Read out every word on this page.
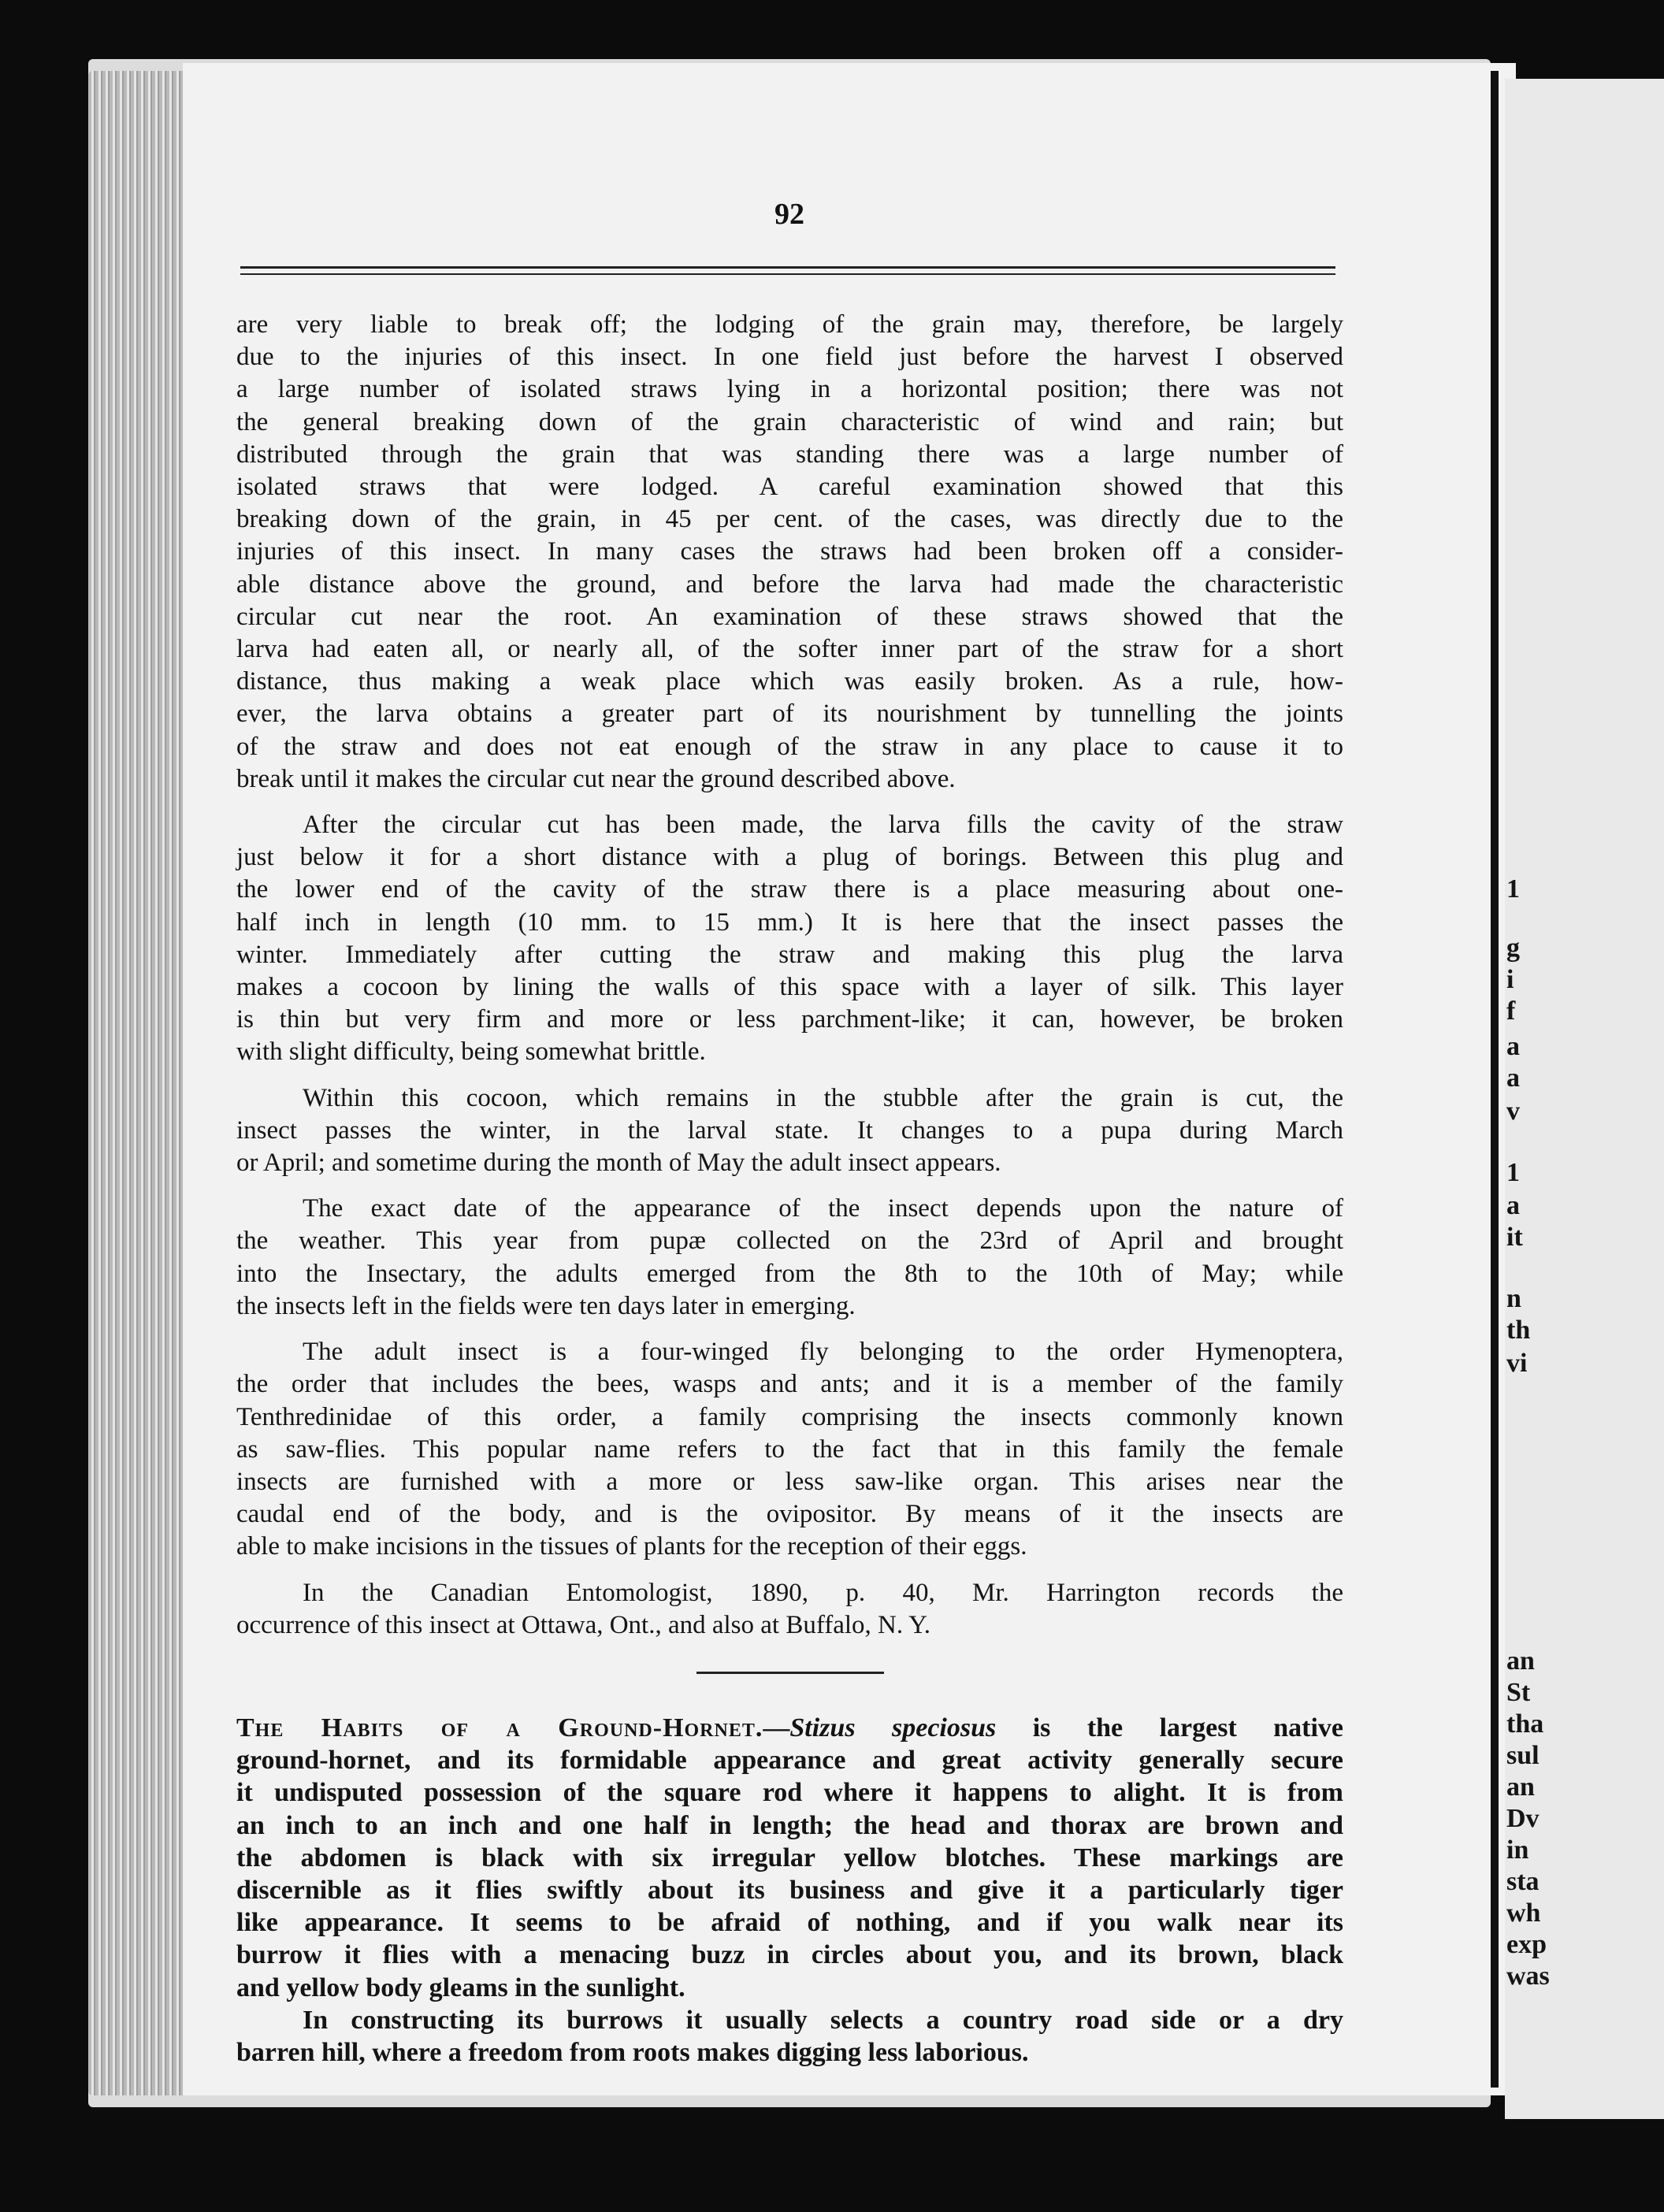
1
g
i
f
a
a
v
1
a
it
n
th
vi
an
St
tha
sul
an
Dv
in
sta
wh
exp
was
92
are very liable to break off; the lodging of the grain may, therefore, be largely
due to the injuries of this insect. In one field just before the harvest I observed
a large number of isolated straws lying in a horizontal position; there was not
the general breaking down of the grain characteristic of wind and rain; but
distributed through the grain that was standing there was a large number of
isolated straws that were lodged. A careful examination showed that this
breaking down of the grain, in 45 per cent. of the cases, was directly due to the
injuries of this insect. In many cases the straws had been broken off a consider-
able distance above the ground, and before the larva had made the characteristic
circular cut near the root. An examination of these straws showed that the
larva had eaten all, or nearly all, of the softer inner part of the straw for a short
distance, thus making a weak place which was easily broken. As a rule, how-
ever, the larva obtains a greater part of its nourishment by tunnelling the joints
of the straw and does not eat enough of the straw in any place to cause it to
break until it makes the circular cut near the ground described above.
After the circular cut has been made, the larva fills the cavity of the straw
just below it for a short distance with a plug of borings. Between this plug and
the lower end of the cavity of the straw there is a place measuring about one-
half inch in length (10 mm. to 15 mm.) It is here that the insect passes the
winter. Immediately after cutting the straw and making this plug the larva
makes a cocoon by lining the walls of this space with a layer of silk. This layer
is thin but very firm and more or less parchment-like; it can, however, be broken
with slight difficulty, being somewhat brittle.
Within this cocoon, which remains in the stubble after the grain is cut, the
insect passes the winter, in the larval state. It changes to a pupa during March
or April; and sometime during the month of May the adult insect appears.
The exact date of the appearance of the insect depends upon the nature of
the weather. This year from pupæ collected on the 23rd of April and brought
into the Insectary, the adults emerged from the 8th to the 10th of May; while
the insects left in the fields were ten days later in emerging.
The adult insect is a four-winged fly belonging to the order Hymenoptera,
the order that includes the bees, wasps and ants; and it is a member of the family
Tenthredinidae of this order, a family comprising the insects commonly known
as saw-flies. This popular name refers to the fact that in this family the female
insects are furnished with a more or less saw-like organ. This arises near the
caudal end of the body, and is the ovipositor. By means of it the insects are
able to make incisions in the tissues of plants for the reception of their eggs.
In the Canadian Entomologist, 1890, p. 40, Mr. Harrington records the
occurrence of this insect at Ottawa, Ont., and also at Buffalo, N. Y.
The Habits of a Ground-Hornet.—Stizus speciosus is the largest native
ground-hornet, and its formidable appearance and great activity generally secure
it undisputed possession of the square rod where it happens to alight. It is from
an inch to an inch and one half in length; the head and thorax are brown and
the abdomen is black with six irregular yellow blotches. These markings are
discernible as it flies swiftly about its business and give it a particularly tiger
like appearance. It seems to be afraid of nothing, and if you walk near its
burrow it flies with a menacing buzz in circles about you, and its brown, black
and yellow body gleams in the sunlight.
In constructing its burrows it usually selects a country road side or a dry
barren hill, where a freedom from roots makes digging less laborious.
